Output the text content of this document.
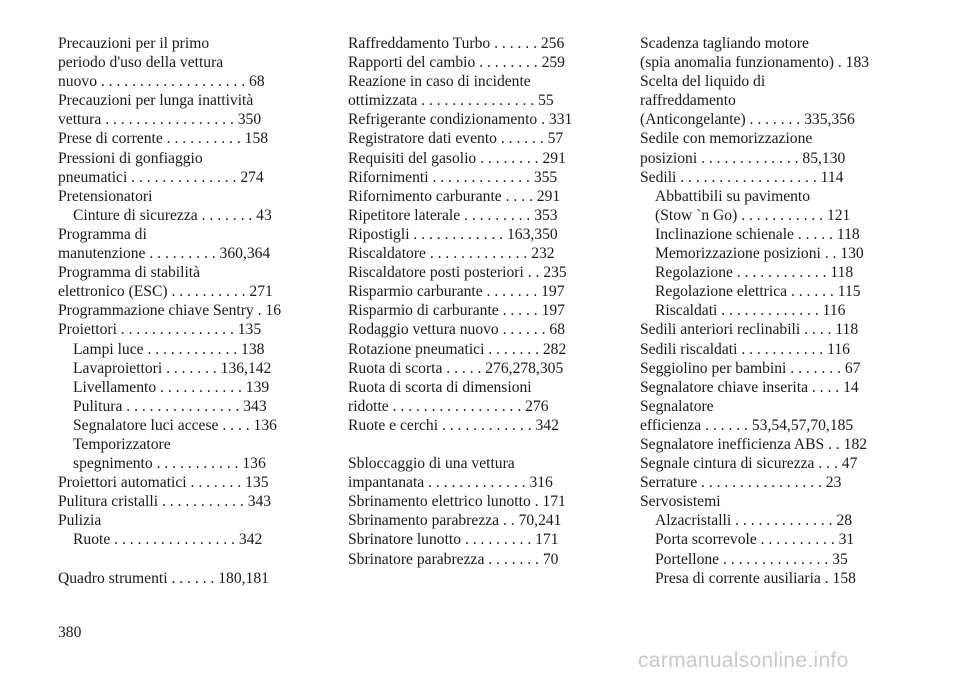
Precauzioni per il primo
periodo d'uso della vettura
nuovo . . . . . . . . . . . . . . . . . . . 68
Precauzioni per lunga inattività
vettura . . . . . . . . . . . . . . . . . 350
Prese di corrente . . . . . . . . . . 158
Pressioni di gonfiaggio
pneumatici . . . . . . . . . . . . . . 274
Pretensionatori
Cinture di sicurezza . . . . . . . 43
Programma di
manutenzione . . . . . . . . . 360,364
Programma di stabilità
elettronico (ESC) . . . . . . . . . . 271
Programmazione chiave Sentry . 16
Proiettori . . . . . . . . . . . . . . . 135
Lampi luce . . . . . . . . . . . . 138
Lavaproiettori . . . . . . . 136,142
Livellamento . . . . . . . . . . . 139
Pulitura . . . . . . . . . . . . . . . 343
Segnalatore luci accese . . . . 136
Temporizzatore
spegnimento . . . . . . . . . . . 136
Proiettori automatici . . . . . . . 135
Pulitura cristalli . . . . . . . . . . . 343
Pulizia
Ruote . . . . . . . . . . . . . . . . 342
Quadro strumenti . . . . . . 180,181
Raffreddamento Turbo . . . . . . 256
Rapporti del cambio . . . . . . . . 259
Reazione in caso di incidente
ottimizzata . . . . . . . . . . . . . . . 55
Refrigerante condizionamento . 331
Registratore dati evento . . . . . . 57
Requisiti del gasolio . . . . . . . . 291
Rifornimenti . . . . . . . . . . . . . 355
Rifornimento carburante . . . . 291
Ripetitore laterale . . . . . . . . . 353
Ripostigli . . . . . . . . . . . . 163,350
Riscaldatore . . . . . . . . . . . . . 232
Riscaldatore posti posteriori . . 235
Risparmio carburante . . . . . . . 197
Risparmio di carburante . . . . . 197
Rodaggio vettura nuovo . . . . . . 68
Rotazione pneumatici . . . . . . . 282
Ruota di scorta . . . . . 276,278,305
Ruota di scorta di dimensioni
ridotte . . . . . . . . . . . . . . . . . 276
Ruote e cerchi . . . . . . . . . . . . 342
Sbloccaggio di una vettura
impantanata . . . . . . . . . . . . . 316
Sbrinamento elettrico lunotto . 171
Sbrinamento parabrezza . . 70,241
Sbrinatore lunotto . . . . . . . . . 171
Sbrinatore parabrezza . . . . . . . 70
Scadenza tagliando motore
(spia anomalia funzionamento) . 183
Scelta del liquido di
raffreddamento
(Anticongelante) . . . . . . . 335,356
Sedile con memorizzazione
posizioni . . . . . . . . . . . . . 85,130
Sedili . . . . . . . . . . . . . . . . . . 114
Abbattibili su pavimento
(Stow `n Go) . . . . . . . . . . . 121
Inclinazione schienale . . . . . 118
Memorizzazione posizioni . . 130
Regolazione . . . . . . . . . . . . 118
Regolazione elettrica . . . . . . 115
Riscaldati . . . . . . . . . . . . . 116
Sedili anteriori reclinabili . . . . 118
Sedili riscaldati . . . . . . . . . . . 116
Seggiolino per bambini . . . . . . . 67
Segnalatore chiave inserita . . . . 14
Segnalatore
efficienza . . . . . . 53,54,57,70,185
Segnalatore inefficienza ABS . . 182
Segnale cintura di sicurezza . . . 47
Serrature . . . . . . . . . . . . . . . . 23
Servosistemi
Alzacristalli . . . . . . . . . . . . . 28
Porta scorrevole . . . . . . . . . . 31
Portellone . . . . . . . . . . . . . . 35
Presa di corrente ausiliaria . 158
380
carmanualsonline.info
